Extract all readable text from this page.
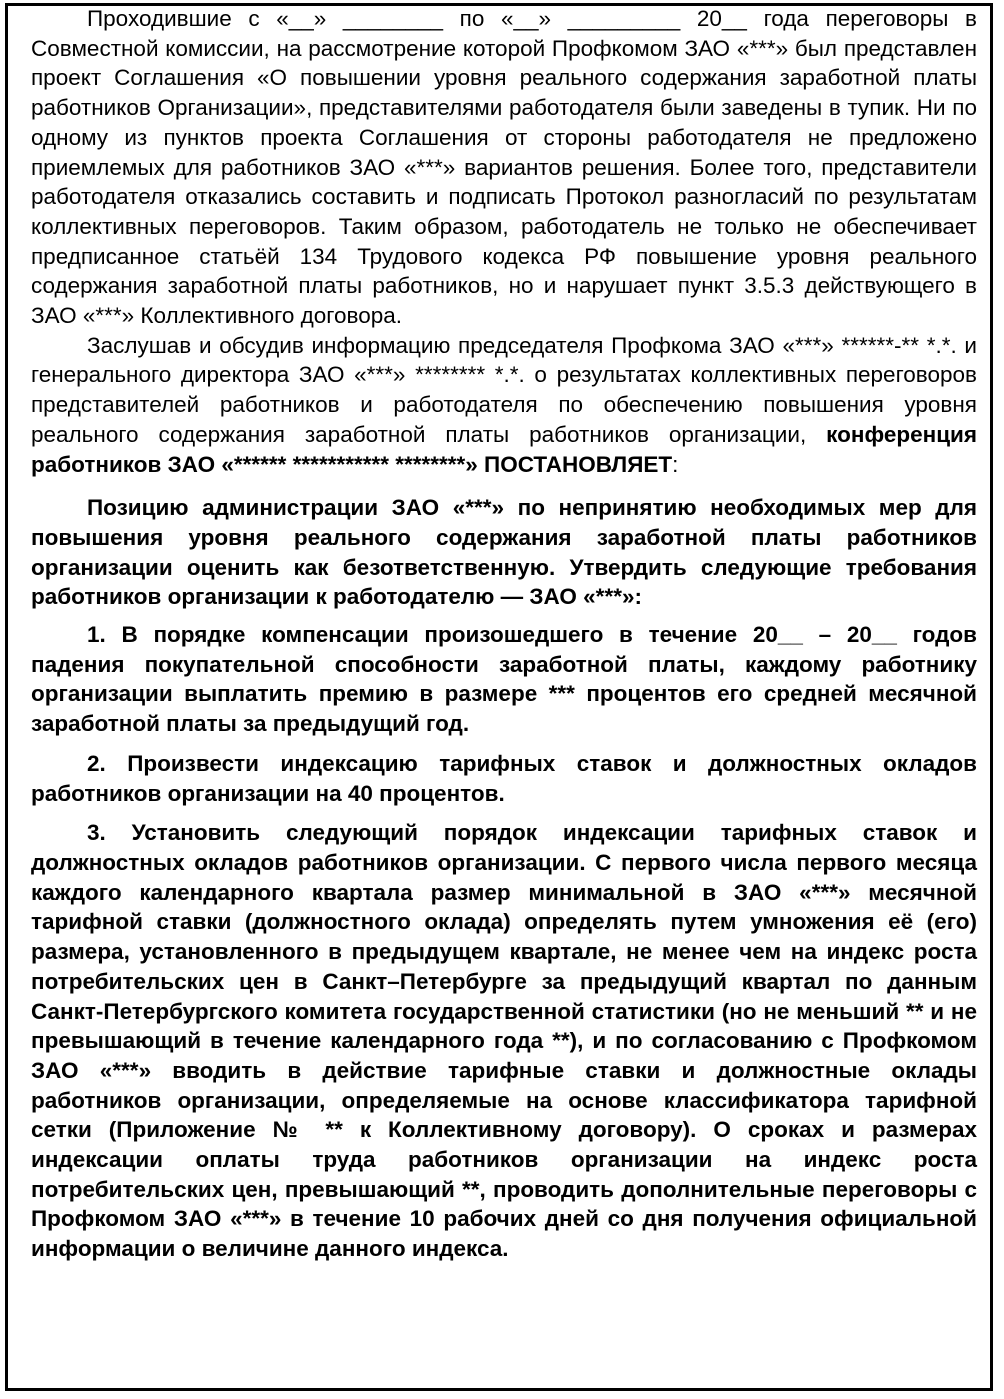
Проходившие с «__» ________ по «__» _________ 20__ года переговоры в Совместной комиссии, на рассмотрение которой Профкомом ЗАО «***» был представлен проект Соглашения «О повышении уровня реального содержания заработной платы работников Организации», представителями работодателя были заведены в тупик. Ни по одному из пунктов проекта Соглашения от стороны работодателя не предложено приемлемых для работников ЗАО «***» вариантов решения. Более того, представители работодателя отказались составить и подписать Протокол разногласий по результатам коллективных переговоров. Таким образом, работодатель не только не обеспечивает предписанное статьёй 134 Трудового кодекса РФ повышение уровня реального содержания заработной платы работников, но и нарушает пункт 3.5.3 действующего в ЗАО «***» Коллективного договора.

Заслушав и обсудив информацию председателя Профкома ЗАО «***» ******-** *.*. и генерального директора ЗАО «***» ******** *.*. о результатах коллективных переговоров представителей работников и работодателя по обеспечению повышения уровня реального содержания заработной платы работников организации, конференция работников ЗАО «****** *********** ********» ПОСТАНОВЛЯЕТ:

Позицию администрации ЗАО «***» по непринятию необходимых мер для повышения уровня реального содержания заработной платы работников организации оценить как безответственную. Утвердить следующие требования работников организации к работодателю — ЗАО «***»:

1. В порядке компенсации произошедшего в течение 20__ – 20__ годов падения покупательной способности заработной платы, каждому работнику организации выплатить премию в размере *** процентов его средней месячной заработной платы за предыдущий год.

2. Произвести индексацию тарифных ставок и должностных окладов работников организации на 40 процентов.

3. Установить следующий порядок индексации тарифных ставок и должностных окладов работников организации. С первого числа первого месяца каждого календарного квартала размер минимальной в ЗАО «***» месячной тарифной ставки (должностного оклада) определять путем умножения её (его) размера, установленного в предыдущем квартале, не менее чем на индекс роста потребительских цен в Санкт–Петербурге за предыдущий квартал по данным Санкт-Петербургского комитета государственной статистики (но не меньший ** и не превышающий в течение календарного года **), и по согласованию с Профкомом ЗАО «***» вводить в действие тарифные ставки и должностные оклады работников организации, определяемые на основе классификатора тарифной сетки (Приложение № ** к Коллективному договору). О сроках и размерах индексации оплаты труда работников организации на индекс роста потребительских цен, превышающий **, проводить дополнительные переговоры с Профкомом ЗАО «***» в течение 10 рабочих дней со дня получения официальной информации о величине данного индекса.
